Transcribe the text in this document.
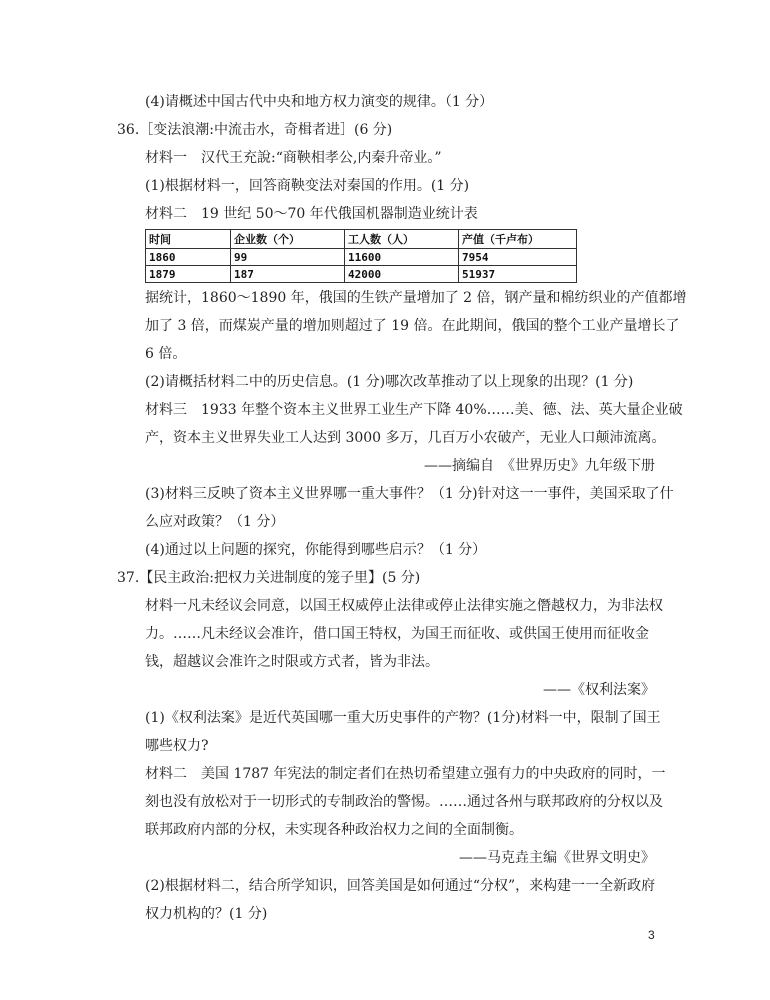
(4)请概述中国古代中央和地方权力演变的规律。（1 分）
36.［变法浪潮:中流击水，奇楫者进］(6 分)
材料一　汉代王充說:“商鞅相孝公,内秦升帝业。”
(1)根据材料一，回答商鞅变法对秦国的作用。(1 分)
材料二　19 世纪 50～70 年代俄国机器制造业统计表
时间	企业数（个）	工人数（人）	产值（千卢布）
1860	99	11600	7954
1879	187	42000	51937
据统计，1860～1890 年，俄国的生铁产量增加了 2 倍，钢产量和棉纺织业的产值都增
加了 3 倍，而煤炭产量的增加则超过了 19 倍。在此期间，俄国的整个工业产量增长了
6 倍。
(2)请概括材料二中的历史信息。(1 分)哪次改革推动了以上现象的出现？(1 分)
材料三　1933 年整个资本主义世界工业生产下降 40%……美、德、法、英大量企业破
产，资本主义世界失业工人达到 3000 多万，几百万小农破产，无业人口颠沛流离。
——摘编自　《世界历史》九年级下册
(3)材料三反映了资本主义世界哪一重大事件？（1 分)针对这一一事件，美国采取了什
么应对政策？（1 分）
(4)通过以上问题的探究，你能得到哪些启示？（1 分）
37.【民主政治:把权力关进制度的笼子里】(5 分)
材料一凡未经议会同意，以国王权威停止法律或停止法律实施之僭越权力，为非法权
力。……凡未经议会准许，借口国王特权，为国王而征收、或供国王使用而征收金
钱，超越议会准许之时限或方式者，皆为非法。
——《权利法案》
(1)《权利法案》是近代英国哪一重大历史事件的产物？(1分)材料一中，限制了国王
哪些权力?
材料二　美国 1787 年宪法的制定者们在热切希望建立强有力的中央政府的同时，一
刻也没有放松对于一切形式的专制政治的警惕。……通过各州与联邦政府的分权以及
联邦政府内部的分权，未实现各种政治权力之间的全面制衡。
——马克垚主编《世界文明史》
(2)根据材料二，结合所学知识，回答美国是如何通过“分权”，来构建一一全新政府
权力机构的？(1 分)
3
